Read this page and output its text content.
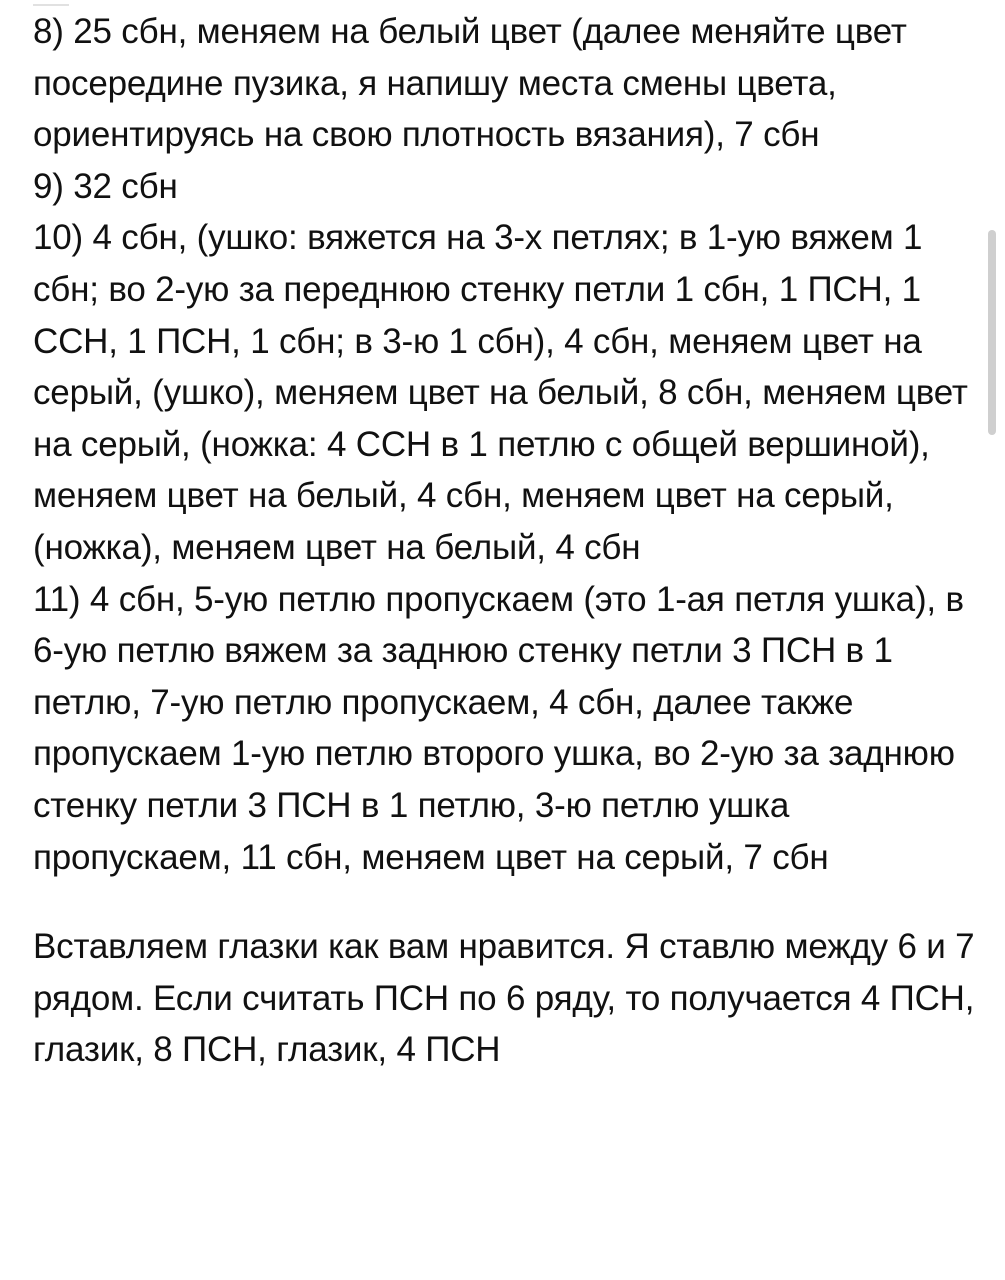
8) 25 сбн, меняем на белый цвет (далее меняйте цвет посередине пузика, я напишу места смены цвета, ориентируясь на свою плотность вязания), 7 сбн

9) 32 сбн

10) 4 сбн, (ушко: вяжется на 3-х петлях; в 1-ую вяжем 1 сбн; во 2-ую за переднюю стенку петли 1 сбн, 1 ПСН, 1 ССН, 1 ПСН, 1 сбн; в 3-ю 1 сбн), 4 сбн, меняем цвет на серый, (ушко), меняем цвет на белый, 8 сбн, меняем цвет на серый, (ножка: 4 ССН в 1 петлю с общей вершиной), меняем цвет на белый, 4 сбн, меняем цвет на серый, (ножка), меняем цвет на белый, 4 сбн

11) 4 сбн, 5-ую петлю пропускаем (это 1-ая петля ушка), в 6-ую петлю вяжем за заднюю стенку петли 3 ПСН в 1 петлю, 7-ую петлю пропускаем, 4 сбн, далее также пропускаем 1-ую петлю второго ушка, во 2-ую за заднюю стенку петли 3 ПСН в 1 петлю, 3-ю петлю ушка пропускаем, 11 сбн, меняем цвет на серый, 7 сбн

Вставляем глазки как вам нравится. Я ставлю между 6 и 7 рядом. Если считать ПСН по 6 ряду, то получается 4 ПСН, глазик, 8 ПСН, глазик, 4 ПСН
